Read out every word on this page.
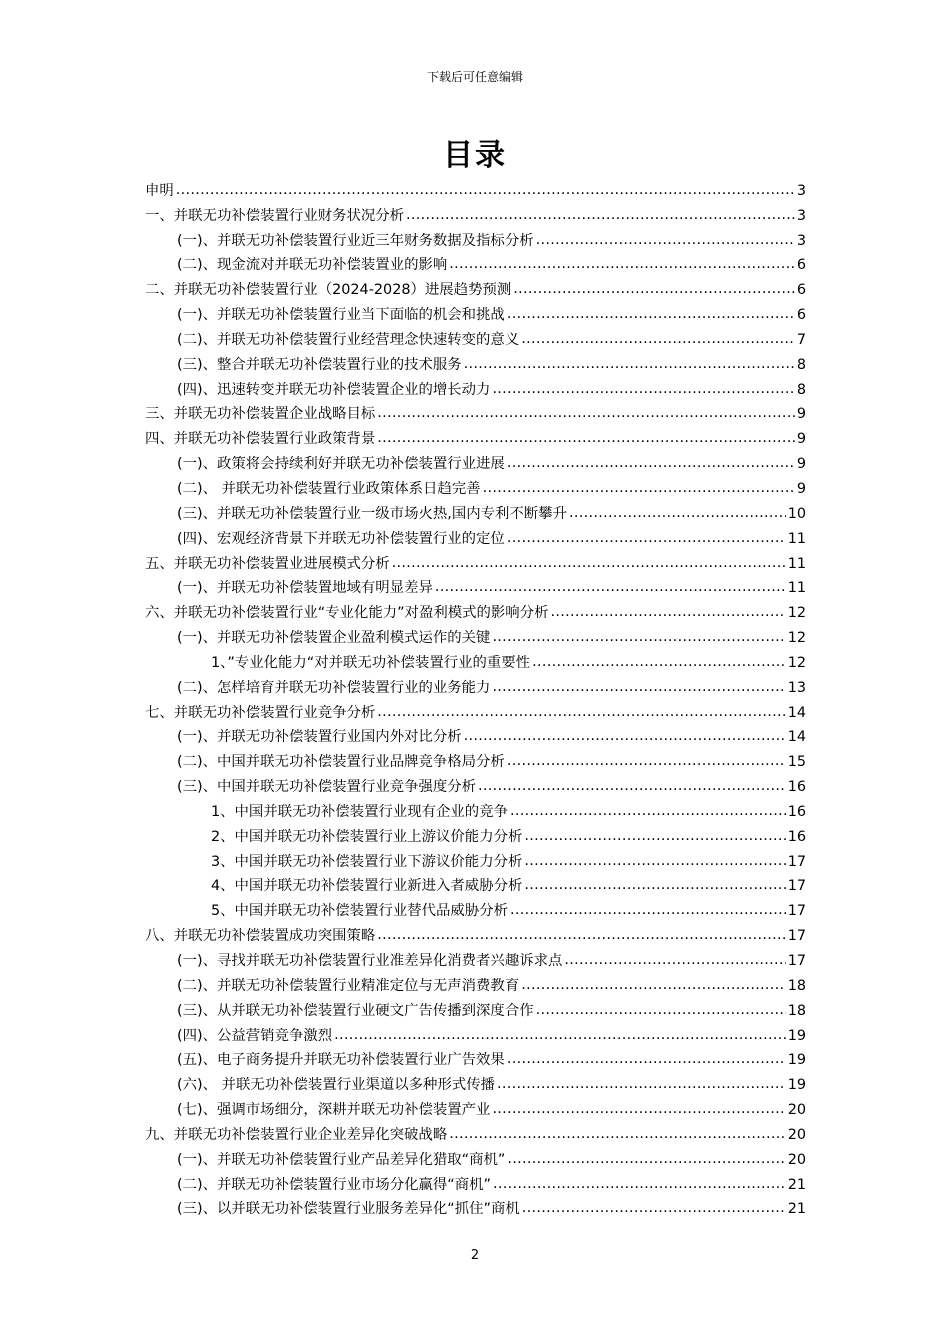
下载后可任意编辑
目录
申明 .....	3
一、并联无功补偿装置行业财务状况分析 .....	3
(一)、并联无功补偿装置行业近三年财务数据及指标分析 .....	3
(二)、现金流对并联无功补偿装置业的影响 .....	6
二、并联无功补偿装置行业（2024-2028）进展趋势预测 .....	6
(一)、并联无功补偿装置行业当下面临的机会和挑战 .....	6
(二)、并联无功补偿装置行业经营理念快速转变的意义 .....	7
(三)、整合并联无功补偿装置行业的技术服务 .....	8
(四)、迅速转变并联无功补偿装置企业的增长动力 .....	8
三、并联无功补偿装置企业战略目标 .....	9
四、并联无功补偿装置行业政策背景 .....	9
(一)、政策将会持续利好并联无功补偿装置行业进展 .....	9
(二)、 并联无功补偿装置行业政策体系日趋完善 .....	9
(三)、并联无功补偿装置行业一级市场火热,国内专利不断攀升 .....	10
(四)、宏观经济背景下并联无功补偿装置行业的定位 .....	11
五、并联无功补偿装置业进展模式分析 .....	11
(一)、并联无功补偿装置地域有明显差异 .....	11
六、并联无功补偿装置行业“专业化能力”对盈利模式的影响分析 .....	12
(一)、并联无功补偿装置企业盈利模式运作的关键 .....	12
1、”专业化能力“对并联无功补偿装置行业的重要性 .....	12
(二)、怎样培育并联无功补偿装置行业的业务能力 .....	13
七、并联无功补偿装置行业竞争分析 .....	14
(一)、并联无功补偿装置行业国内外对比分析 .....	14
(二)、中国并联无功补偿装置行业品牌竞争格局分析 .....	15
(三)、中国并联无功补偿装置行业竞争强度分析 .....	16
1、中国并联无功补偿装置行业现有企业的竞争 .....	16
2、中国并联无功补偿装置行业上游议价能力分析 .....	16
3、中国并联无功补偿装置行业下游议价能力分析 .....	17
4、中国并联无功补偿装置行业新进入者威胁分析 .....	17
5、中国并联无功补偿装置行业替代品威胁分析 .....	17
八、并联无功补偿装置成功突围策略 .....	17
(一)、寻找并联无功补偿装置行业准差异化消费者兴趣诉求点 .....	17
(二)、并联无功补偿装置行业精准定位与无声消费教育 .....	18
(三)、从并联无功补偿装置行业硬文广告传播到深度合作 .....	18
(四)、公益营销竞争激烈 .....	19
(五)、电子商务提升并联无功补偿装置行业广告效果 .....	19
(六)、 并联无功补偿装置行业渠道以多种形式传播 .....	19
(七)、强调市场细分，深耕并联无功补偿装置产业 .....	20
九、并联无功补偿装置行业企业差异化突破战略 .....	20
(一)、并联无功补偿装置行业产品差异化猎取“商机” .....	20
(二)、并联无功补偿装置行业市场分化赢得“商机” .....	21
(三)、以并联无功补偿装置行业服务差异化“抓住”商机 .....	21
2
